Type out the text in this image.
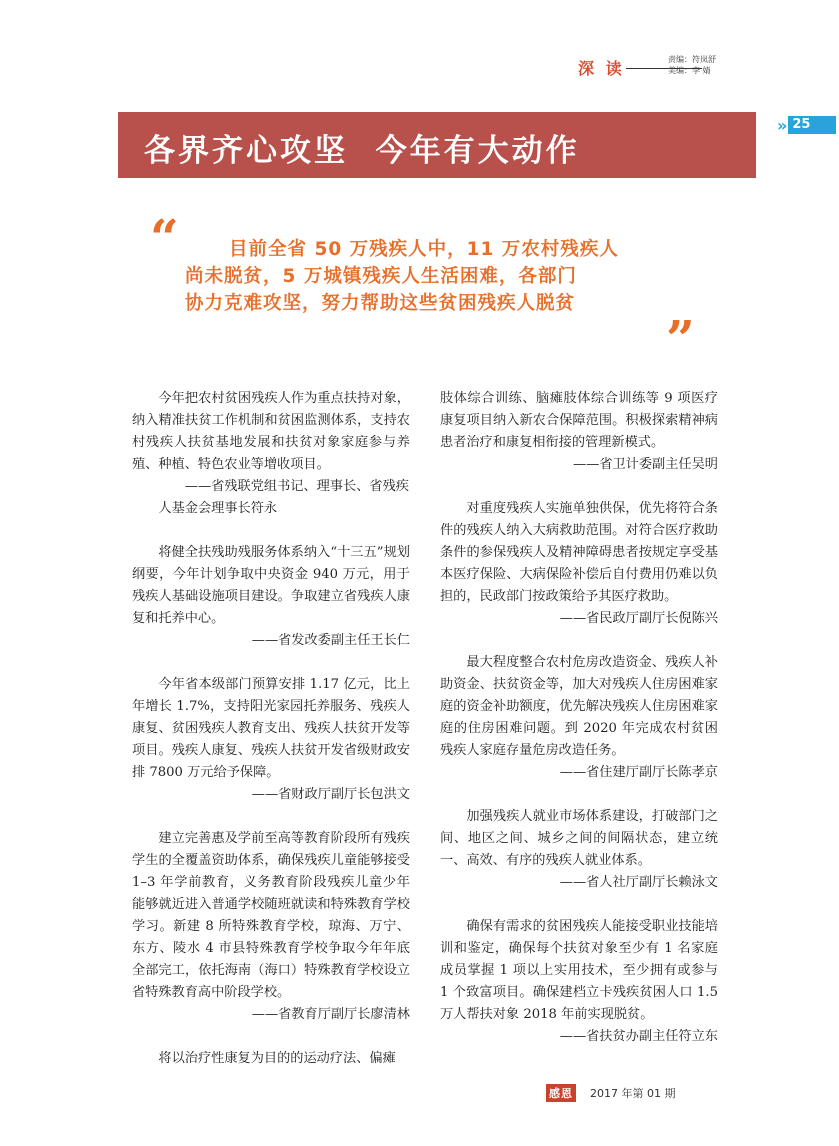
深 读	责编：符岚舒
美编：李 婧
» 25
各界齐心攻坚  今年有大动作
“	目前全省 50 万残疾人中，11 万农村残疾人
尚未脱贫，5 万城镇残疾人生活困难，各部门
协力克难攻坚，努力帮助这些贫困残疾人脱贫
”

今年把农村贫困残疾人作为重点扶持对象，纳入精准扶贫工作机制和贫困监测体系，支持农村残疾人扶贫基地发展和扶贫对象家庭参与养殖、种植、特色农业等增收项目。

——省残联党组书记、理事长、省残疾人基金会理事长符永

将健全扶残助残服务体系纳入“十三五”规划纲要，今年计划争取中央资金 940 万元，用于残疾人基础设施项目建设。争取建立省残疾人康复和托养中心。

——省发改委副主任王长仁

今年省本级部门预算安排 1.17 亿元，比上年增长 1.7%，支持阳光家园托养服务、残疾人康复、贫困残疾人教育支出、残疾人扶贫开发等项目。残疾人康复、残疾人扶贫开发省级财政安排 7800 万元给予保障。

——省财政厅副厅长包洪文

建立完善惠及学前至高等教育阶段所有残疾学生的全覆盖资助体系，确保残疾儿童能够接受 1–3 年学前教育，义务教育阶段残疾儿童少年能够就近进入普通学校随班就读和特殊教育学校学习。新建 8 所特殊教育学校，琼海、万宁、东方、陵水 4 市县特殊教育学校争取今年年底全部完工，依托海南（海口）特殊教育学校设立省特殊教育高中阶段学校。

——省教育厅副厅长廖清林

将以治疗性康复为目的的运动疗法、偏瘫

肢体综合训练、脑瘫肢体综合训练等 9 项医疗康复项目纳入新农合保障范围。积极探索精神病患者治疗和康复相衔接的管理新模式。

——省卫计委副主任吴明

对重度残疾人实施单独供保，优先将符合条件的残疾人纳入大病救助范围。对符合医疗救助条件的参保残疾人及精神障碍患者按规定享受基本医疗保险、大病保险补偿后自付费用仍难以负担的，民政部门按政策给予其医疗救助。

——省民政厅副厅长倪陈兴

最大程度整合农村危房改造资金、残疾人补助资金、扶贫资金等，加大对残疾人住房困难家庭的资金补助额度，优先解决残疾人住房困难家庭的住房困难问题。到 2020 年完成农村贫困残疾人家庭存量危房改造任务。

——省住建厅副厅长陈孝京

加强残疾人就业市场体系建设，打破部门之间、地区之间、城乡之间的间隔状态，建立统一、高效、有序的残疾人就业体系。

——省人社厅副厅长赖泳文

确保有需求的贫困残疾人能接受职业技能培训和鉴定，确保每个扶贫对象至少有 1 名家庭成员掌握 1 项以上实用技术，至少拥有或参与 1 个致富项目。确保建档立卡残疾贫困人口 1.5 万人帮扶对象 2018 年前实现脱贫。

——省扶贫办副主任符立东

感恩 2017 年第 01 期
